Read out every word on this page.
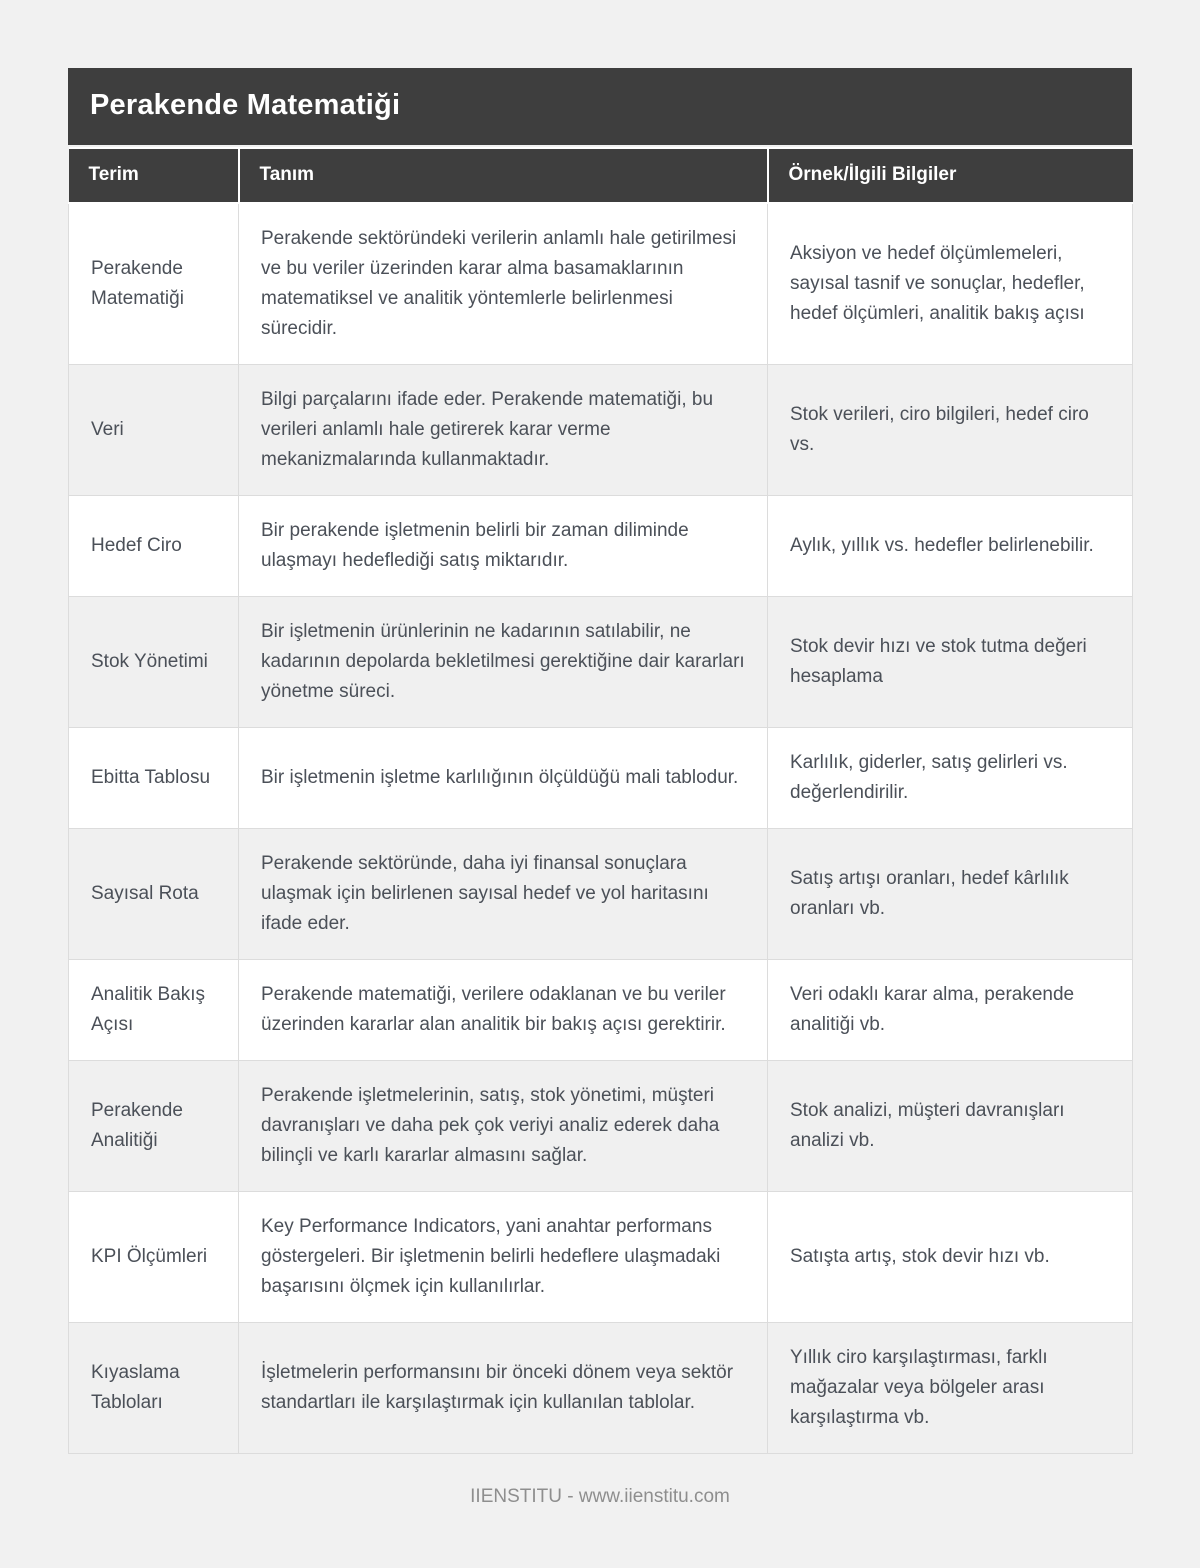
Perakende Matematiği
Terim	Tanım	Örnek/İlgili Bilgiler
Perakende Matematiği	Perakende sektöründeki verilerin anlamlı hale getirilmesi ve bu veriler üzerinden karar alma basamaklarının matematiksel ve analitik yöntemlerle belirlenmesi sürecidir.	Aksiyon ve hedef ölçümlemeleri, sayısal tasnif ve sonuçlar, hedefler, hedef ölçümleri, analitik bakış açısı
Veri	Bilgi parçalarını ifade eder. Perakende matematiği, bu verileri anlamlı hale getirerek karar verme mekanizmalarında kullanmaktadır.	Stok verileri, ciro bilgileri, hedef ciro vs.
Hedef Ciro	Bir perakende işletmenin belirli bir zaman diliminde ulaşmayı hedeflediği satış miktarıdır.	Aylık, yıllık vs. hedefler belirlenebilir.
Stok Yönetimi	Bir işletmenin ürünlerinin ne kadarının satılabilir, ne kadarının depolarda bekletilmesi gerektiğine dair kararları yönetme süreci.	Stok devir hızı ve stok tutma değeri hesaplama
Ebitta Tablosu	Bir işletmenin işletme karlılığının ölçüldüğü mali tablodur.	Karlılık, giderler, satış gelirleri vs. değerlendirilir.
Sayısal Rota	Perakende sektöründe, daha iyi finansal sonuçlara ulaşmak için belirlenen sayısal hedef ve yol haritasını ifade eder.	Satış artışı oranları, hedef kârlılık oranları vb.
Analitik Bakış Açısı	Perakende matematiği, verilere odaklanan ve bu veriler üzerinden kararlar alan analitik bir bakış açısı gerektirir.	Veri odaklı karar alma, perakende analitiği vb.
Perakende Analitiği	Perakende işletmelerinin, satış, stok yönetimi, müşteri davranışları ve daha pek çok veriyi analiz ederek daha bilinçli ve karlı kararlar almasını sağlar.	Stok analizi, müşteri davranışları analizi vb.
KPI Ölçümleri	Key Performance Indicators, yani anahtar performans göstergeleri. Bir işletmenin belirli hedeflere ulaşmadaki başarısını ölçmek için kullanılırlar.	Satışta artış, stok devir hızı vb.
Kıyaslama Tabloları	İşletmelerin performansını bir önceki dönem veya sektör standartları ile karşılaştırmak için kullanılan tablolar.	Yıllık ciro karşılaştırması, farklı mağazalar veya bölgeler arası karşılaştırma vb.
IIENSTITU - www.iienstitu.com
